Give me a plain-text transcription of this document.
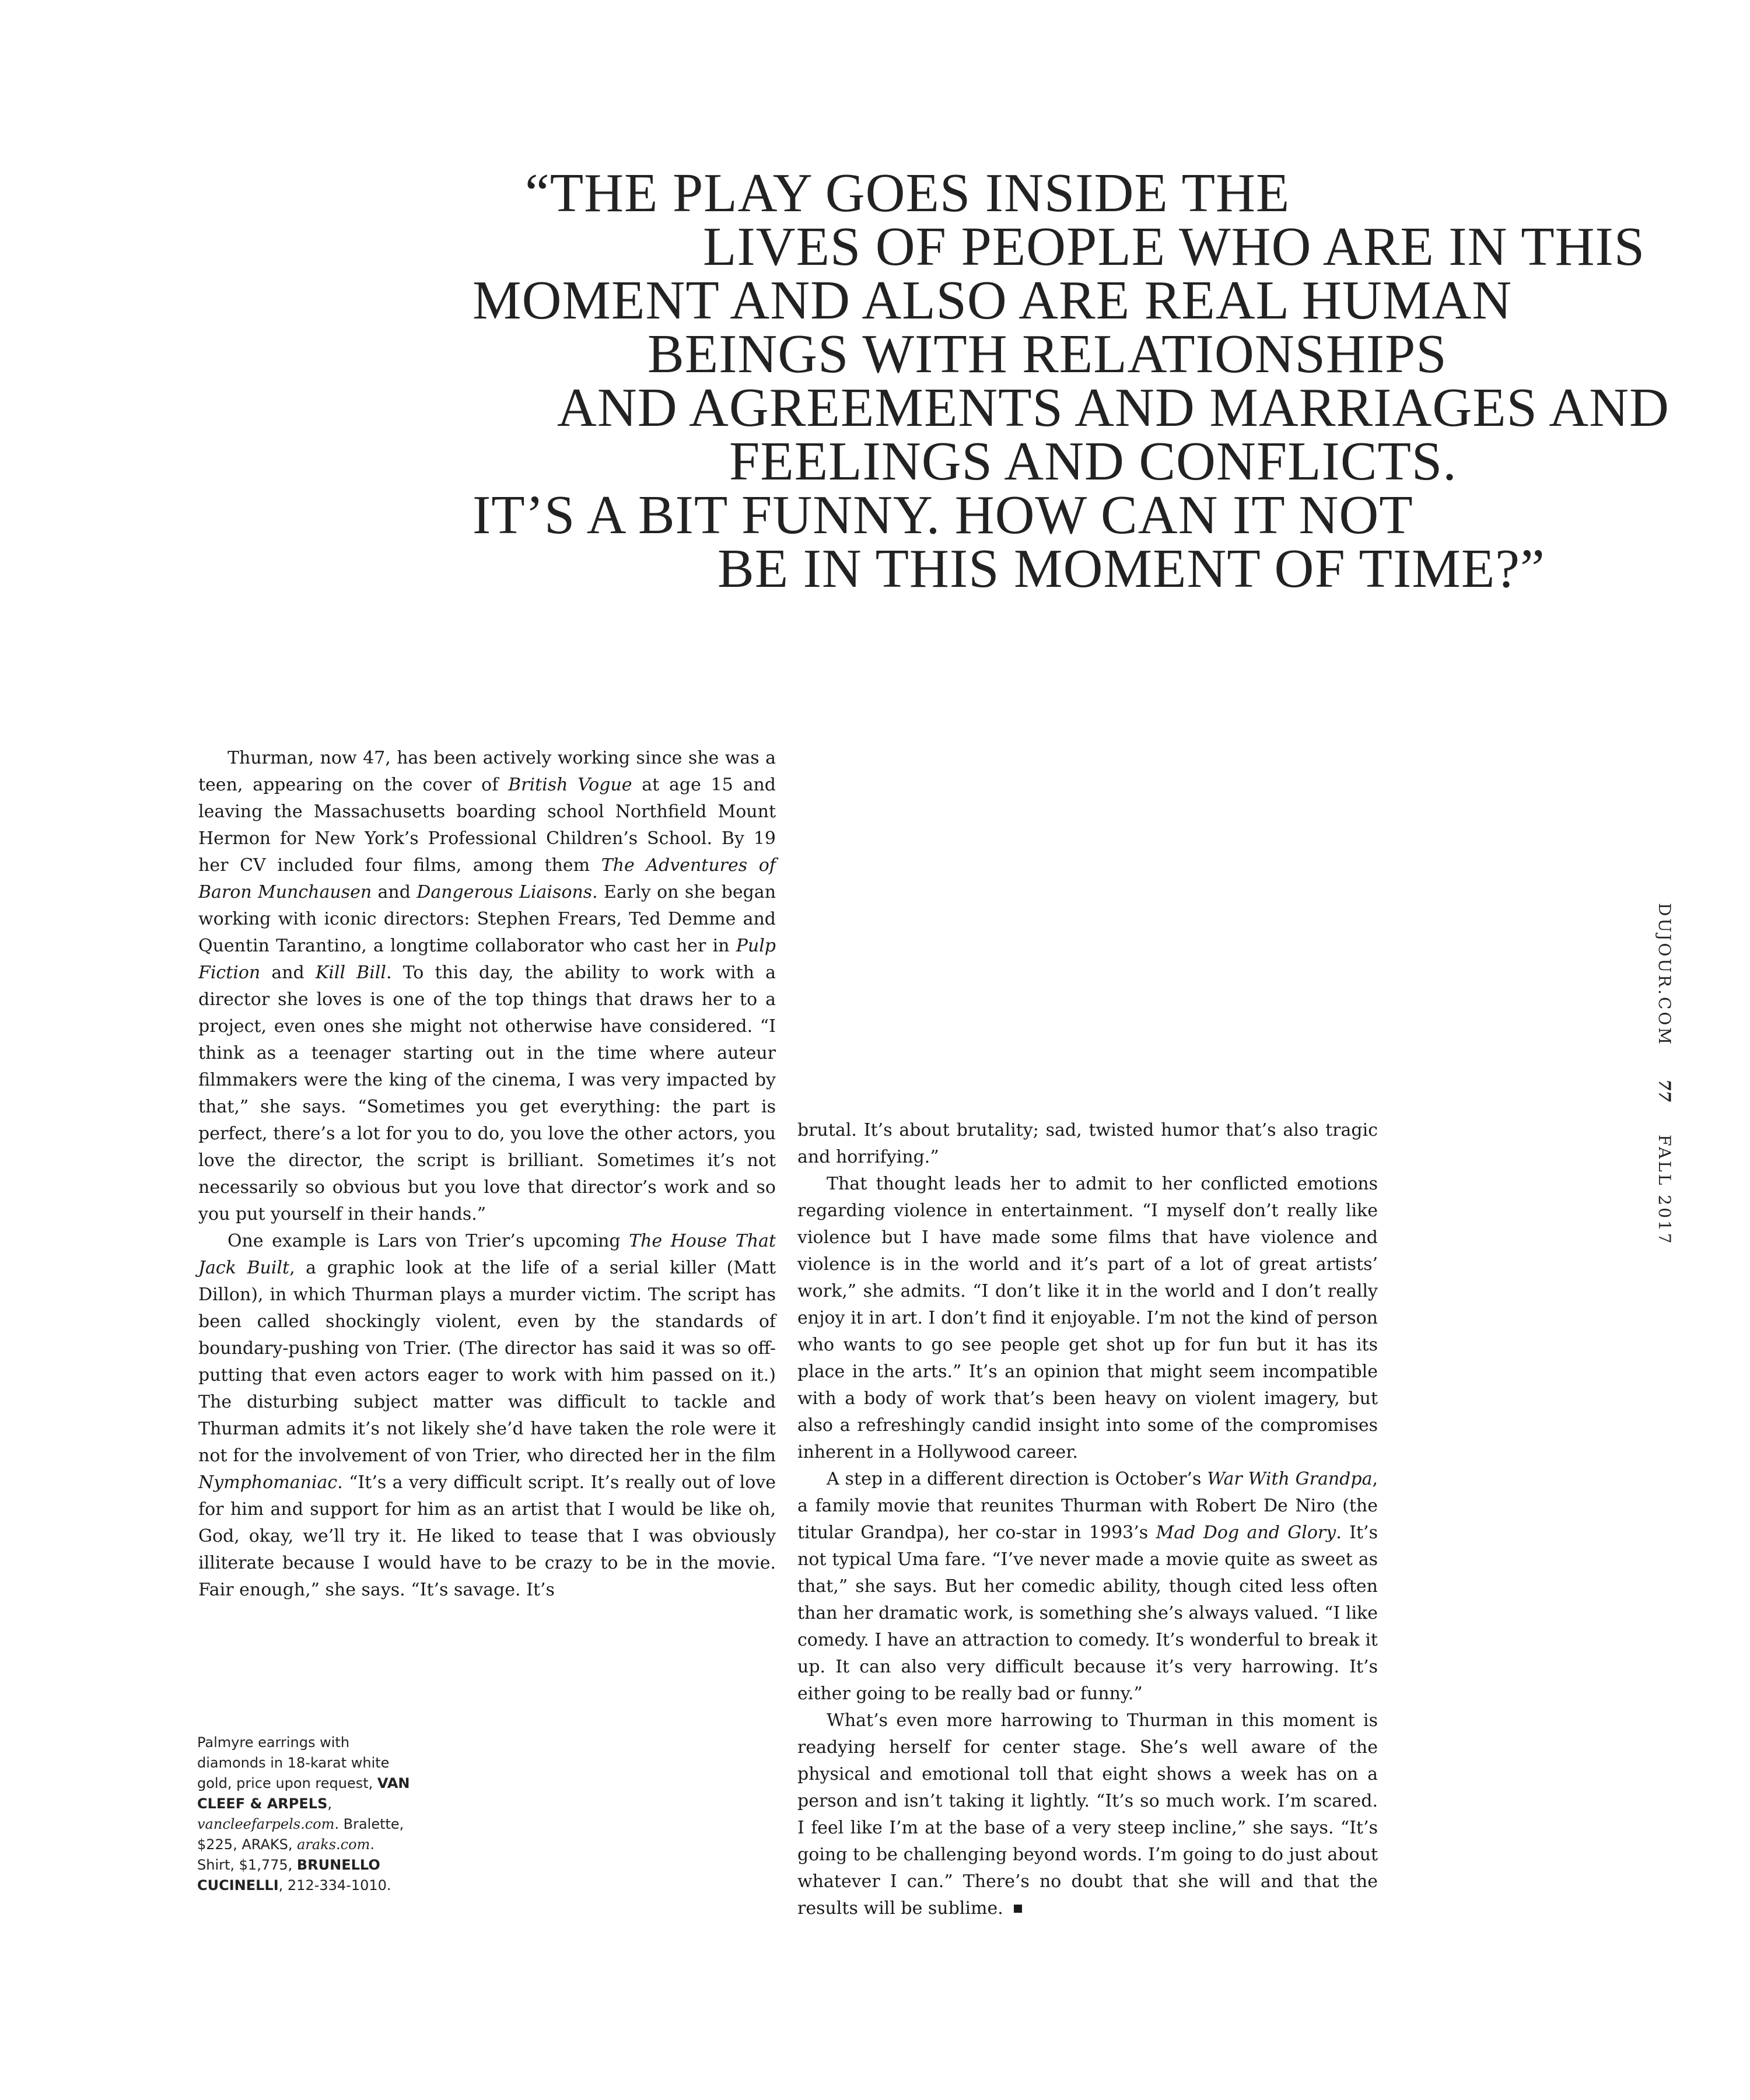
“THE PLAY GOES INSIDE THE
LIVES OF PEOPLE WHO ARE IN THIS
MOMENT AND ALSO ARE REAL HUMAN
BEINGS WITH RELATIONSHIPS
AND AGREEMENTS AND MARRIAGES AND
FEELINGS AND CONFLICTS.
IT’S A BIT FUNNY. HOW CAN IT NOT
BE IN THIS MOMENT OF TIME?”

Thurman, now 47, has been actively working since she was a teen, appearing on the cover of British Vogue at age 15 and leaving the Massachusetts boarding school Northfield Mount Hermon for New York’s Professional Children’s School. By 19 her CV included four films, among them The Adventures of Baron Munchausen and Dangerous Liaisons. Early on she began working with iconic directors: Stephen Frears, Ted Demme and Quentin Tarantino, a longtime collaborator who cast her in Pulp Fiction and Kill Bill. To this day, the ability to work with a director she loves is one of the top things that draws her to a project, even ones she might not otherwise have considered. “I think as a teenager starting out in the time where auteur filmmakers were the king of the cinema, I was very impacted by that,” she says. “Sometimes you get everything: the part is perfect, there’s a lot for you to do, you love the other actors, you love the director, the script is brilliant. Sometimes it’s not necessarily so obvious but you love that director’s work and so you put yourself in their hands.”

One example is Lars von Trier’s upcoming The House That Jack Built, a graphic look at the life of a serial killer (Matt Dillon), in which Thurman plays a murder victim. The script has been called shockingly violent, even by the standards of boundary-pushing von Trier. (The director has said it was so off-putting that even actors eager to work with him passed on it.) The disturbing subject matter was difficult to tackle and Thurman admits it’s not likely she’d have taken the role were it not for the involvement of von Trier, who directed her in the film Nymphomaniac. “It’s a very difficult script. It’s really out of love for him and support for him as an artist that I would be like oh, God, okay, we’ll try it. He liked to tease that I was obviously illiterate because I would have to be crazy to be in the movie. Fair enough,” she says. “It’s savage. It’s

brutal. It’s about brutality; sad, twisted humor that’s also tragic and horrifying.”

That thought leads her to admit to her conflicted emotions regarding violence in entertainment. “I myself don’t really like violence but I have made some films that have violence and violence is in the world and it’s part of a lot of great artists’ work,” she admits. “I don’t like it in the world and I don’t really enjoy it in art. I don’t find it enjoyable. I’m not the kind of person who wants to go see people get shot up for fun but it has its place in the arts.” It’s an opinion that might seem incompatible with a body of work that’s been heavy on violent imagery, but also a refreshingly candid insight into some of the compromises inherent in a Hollywood career.

A step in a different direction is October’s War With Grandpa, a family movie that reunites Thurman with Robert De Niro (the titular Grandpa), her co-star in 1993’s Mad Dog and Glory. It’s not typical Uma fare. “I’ve never made a movie quite as sweet as that,” she says. But her comedic ability, though cited less often than her dramatic work, is something she’s always valued. “I like comedy. I have an attraction to comedy. It’s wonderful to break it up. It can also very difficult because it’s very harrowing. It’s either going to be really bad or funny.”

What’s even more harrowing to Thurman in this moment is readying herself for center stage. She’s well aware of the physical and emotional toll that eight shows a week has on a person and isn’t taking it lightly. “It’s so much work. I’m scared. I feel like I’m at the base of a very steep incline,” she says. “It’s going to be challenging beyond words. I’m going to do just about whatever I can.” There’s no doubt that she will and that the results will be sublime.

Palmyre earrings with diamonds in 18-karat white gold, price upon request, VAN CLEEF & ARPELS, vancleefarpels.com. Bralette, $225, ARAKS, araks.com. Shirt, $1,775, BRUNELLO CUCINELLI, 212-334-1010.
DUJOUR.COM77FALL 2017
